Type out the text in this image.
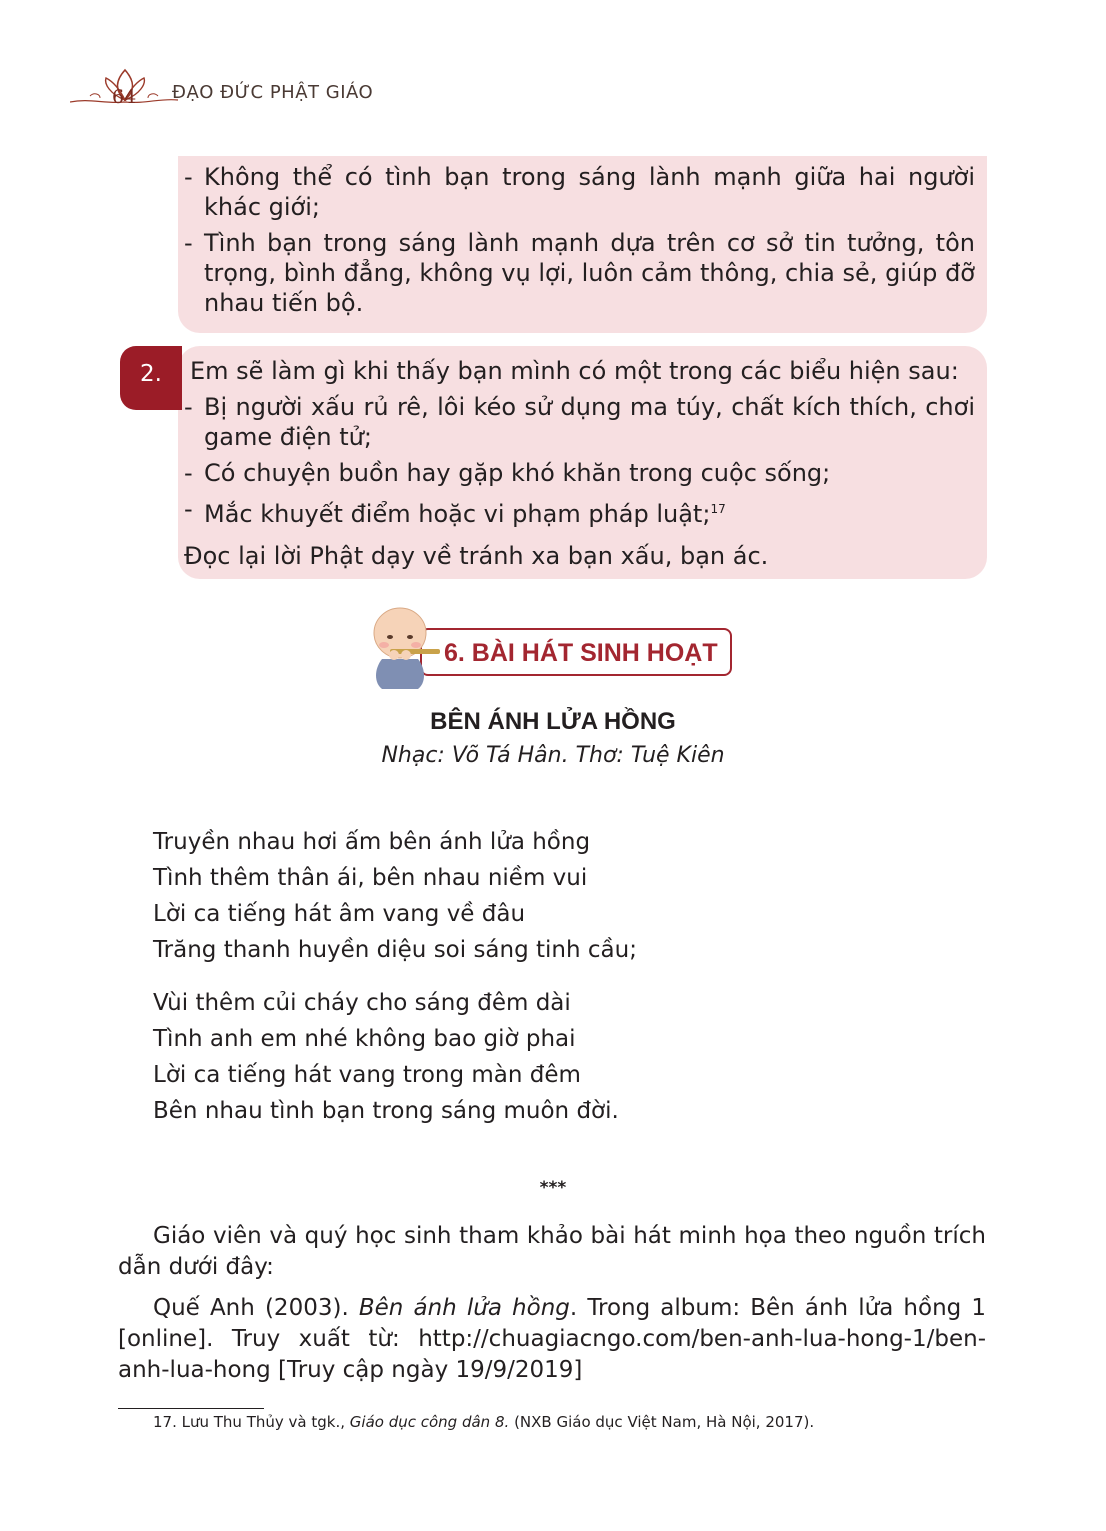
64 ĐẠO ĐỨC PHẬT GIÁO
- Không thể có tình bạn trong sáng lành mạnh giữa hai người khác giới;
- Tình bạn trong sáng lành mạnh dựa trên cơ sở tin tưởng, tôn trọng, bình đẳng, không vụ lợi, luôn cảm thông, chia sẻ, giúp đỡ nhau tiến bộ.
Em sẽ làm gì khi thấy bạn mình có một trong các biểu hiện sau:
- Bị người xấu rủ rê, lôi kéo sử dụng ma túy, chất kích thích, chơi game điện tử;
- Có chuyện buồn hay gặp khó khăn trong cuộc sống;
- Mắc khuyết điểm hoặc vi phạm pháp luật;$^{17}$
Đọc lại lời Phật dạy về tránh xa bạn xấu, bạn ác.
2.
6. BÀI HÁT SINH HOẠT
BÊN ÁNH LỬA HỒNG
Nhạc: Võ Tá Hân. Thơ: Tuệ Kiên
Truyền nhau hơi ấm bên ánh lửa hồng
Tình thêm thân ái, bên nhau niềm vui
Lời ca tiếng hát âm vang về đâu
Trăng thanh huyền diệu soi sáng tinh cầu;
Vùi thêm củi cháy cho sáng đêm dài
Tình anh em nhé không bao giờ phai
Lời ca tiếng hát vang trong màn đêm
Bên nhau tình bạn trong sáng muôn đời.
***
Giáo viên và quý học sinh tham khảo bài hát minh họa theo nguồn trích dẫn dưới đây:
Quế Anh (2003). Bên ánh lửa hồng. Trong album: Bên ánh lửa hồng 1 [online]. Truy xuất từ: http://chuagiacngo.com/ben-anh-lua-hong-1/ben-anh-lua-hong [Truy cập ngày 19/9/2019]
17. Lưu Thu Thủy và tgk., Giáo dục công dân 8. (NXB Giáo dục Việt Nam, Hà Nội, 2017).
